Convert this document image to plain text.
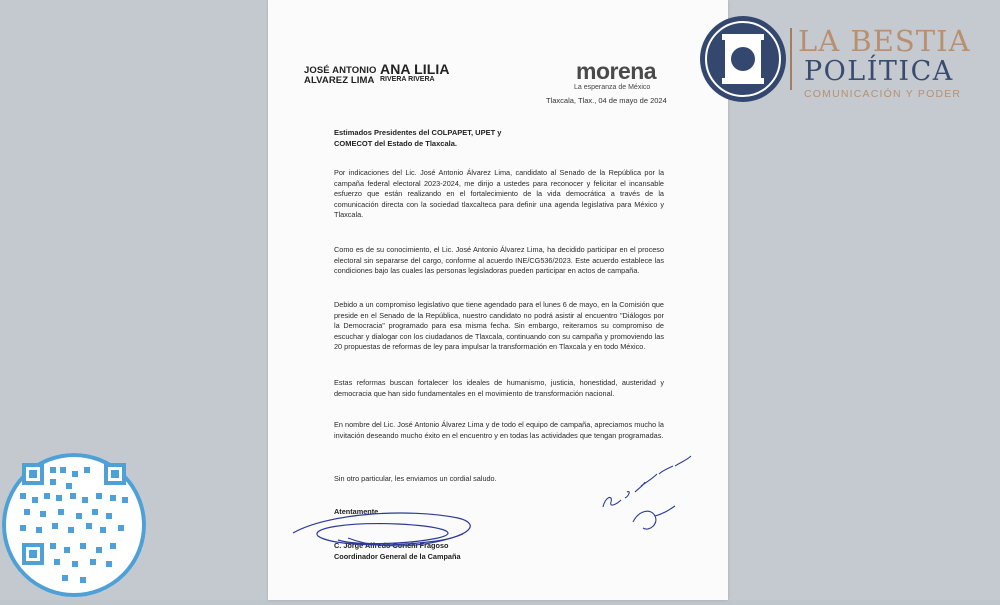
JOSÉ ANTONIO
ALVAREZ LIMA
ANA LILIA
RIVERA RIVERA	morena
La esperanza de México
Tlaxcala, Tlax., 04 de mayo de 2024
Estimados Presidentes del COLPAPET, UPET y
COMECOT del Estado de Tlaxcala.
Por indicaciones del Lic. José Antonio Álvarez Lima, candidato al Senado de la República por la campaña federal electoral 2023-2024, me dirijo a ustedes para reconocer y felicitar el incansable esfuerzo que están realizando en el fortalecimiento de la vida democrática a través de la comunicación directa con la sociedad tlaxcalteca para definir una agenda legislativa para México y Tlaxcala.
Como es de su conocimiento, el Lic. José Antonio Álvarez Lima, ha decidido participar en el proceso electoral sin separarse del cargo, conforme al acuerdo INE/CG536/2023. Este acuerdo establece las condiciones bajo las cuales las personas legisladoras pueden participar en actos de campaña.
Debido a un compromiso legislativo que tiene agendado para el lunes 6 de mayo, en la Comisión que preside en el Senado de la República, nuestro candidato no podrá asistir al encuentro "Diálogos por la Democracia" programado para esa misma fecha. Sin embargo, reiteramos su compromiso de escuchar y dialogar con los ciudadanos de Tlaxcala, continuando con su campaña y promoviendo las 20 propuestas de reformas de ley para impulsar la transformación en Tlaxcala y en todo México.
Estas reformas buscan fortalecer los ideales de humanismo, justicia, honestidad, austeridad y democracia que han sido fundamentales en el movimiento de transformación nacional.
En nombre del Lic. José Antonio Álvarez Lima y de todo el equipo de campaña, apreciamos mucho la invitación deseando mucho éxito en el encuentro y en todas las actividades que tengan programadas.
Sin otro particular, les enviamos un cordial saludo.
Atentamente
C. Jorge Alfredo Corichi Fragoso
Coordinador General de la Campaña
LA BESTIA
POLÍTICA
COMUNICACIÓN Y PODER
